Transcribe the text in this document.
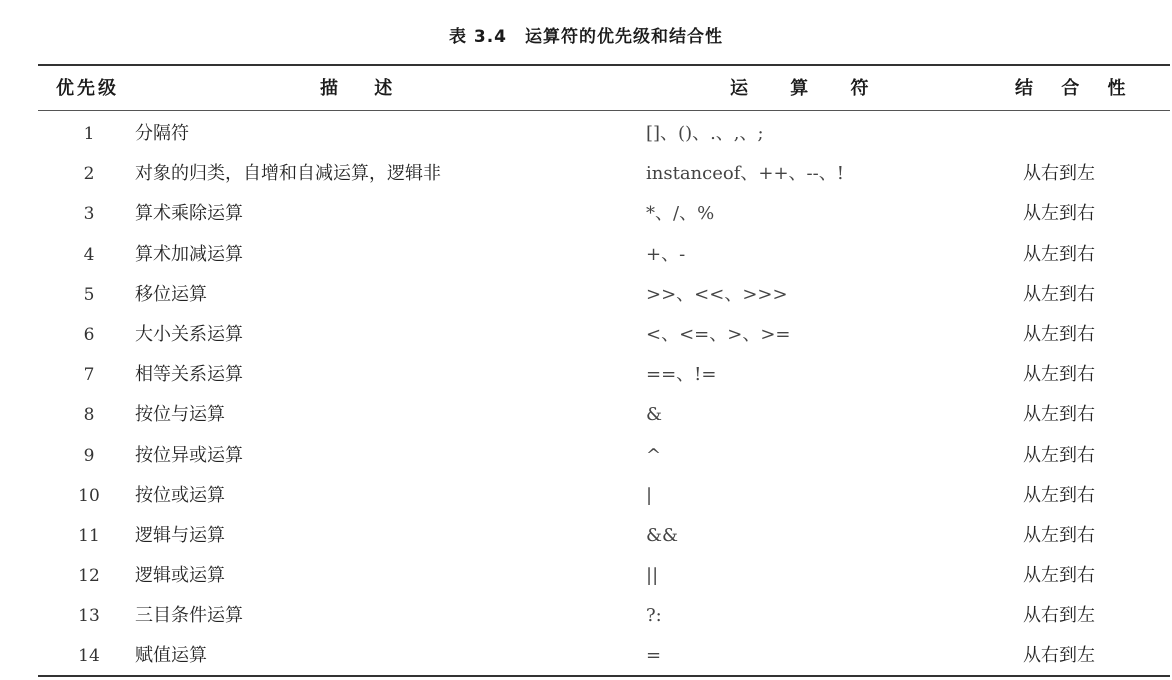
表 3.4 运算符的优先级和结合性
优先级	描 述	运 算 符	结 合 性
1	分隔符	[]、()、.、,、;
2	对象的归类，自增和自减运算，逻辑非	instanceof、++、--、!	从右到左
3	算术乘除运算	*、/、%	从左到右
4	算术加减运算	+、-	从左到右
5	移位运算	>>、<<、>>>	从左到右
6	大小关系运算	<、<=、>、>=	从左到右
7	相等关系运算	==、!=	从左到右
8	按位与运算	&	从左到右
9	按位异或运算	^	从左到右
10 按位或运算	|	从左到右
11 逻辑与运算	&&	从左到右
12 逻辑或运算	||	从左到右
13 三目条件运算	?:	从右到左
14 赋值运算	=	从右到左
